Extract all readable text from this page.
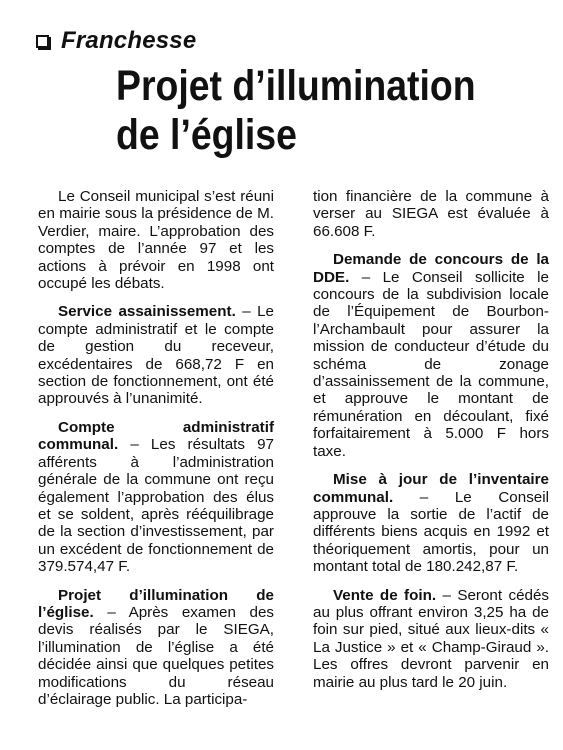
Franchesse
Projet d’illumination
de l’église

Le Conseil municipal s’est réuni en mairie sous la présidence de M. Verdier, maire. L’approbation des comptes de l’année 97 et les actions à prévoir en 1998 ont occupé les débats.

Service assainissement. – Le compte administratif et le compte de gestion du receveur, excédentaires de 668,72 F en section de fonctionnement, ont été approuvés à l’unanimité.

Compte administratif communal. – Les résultats 97 afférents à l’administration générale de la commune ont reçu également l’approbation des élus et se soldent, après rééquilibrage de la section d’investissement, par un excédent de fonctionnement de 379.574,47 F.

Projet d’illumination de l’église. – Après examen des devis réalisés par le SIEGA, l’illumination de l’église a été décidée ainsi que quelques petites modifications du réseau d’éclairage public. La participa-

tion financière de la commune à verser au SIEGA est évaluée à 66.608 F.

Demande de concours de la DDE. – Le Conseil sollicite le concours de la subdivision locale de l’Équipement de Bourbon-l’Archambault pour assurer la mission de conducteur d’étude du schéma de zonage d’assainissement de la commune, et approuve le montant de rémunération en découlant, fixé forfaitairement à 5.000 F hors taxe.

Mise à jour de l’inventaire communal. – Le Conseil approuve la sortie de l’actif de différents biens acquis en 1992 et théoriquement amortis, pour un montant total de 180.242,87 F.

Vente de foin. – Seront cédés au plus offrant environ 3,25 ha de foin sur pied, situé aux lieux-dits « La Justice » et « Champ-Giraud ». Les offres devront parvenir en mairie au plus tard le 20 juin.
